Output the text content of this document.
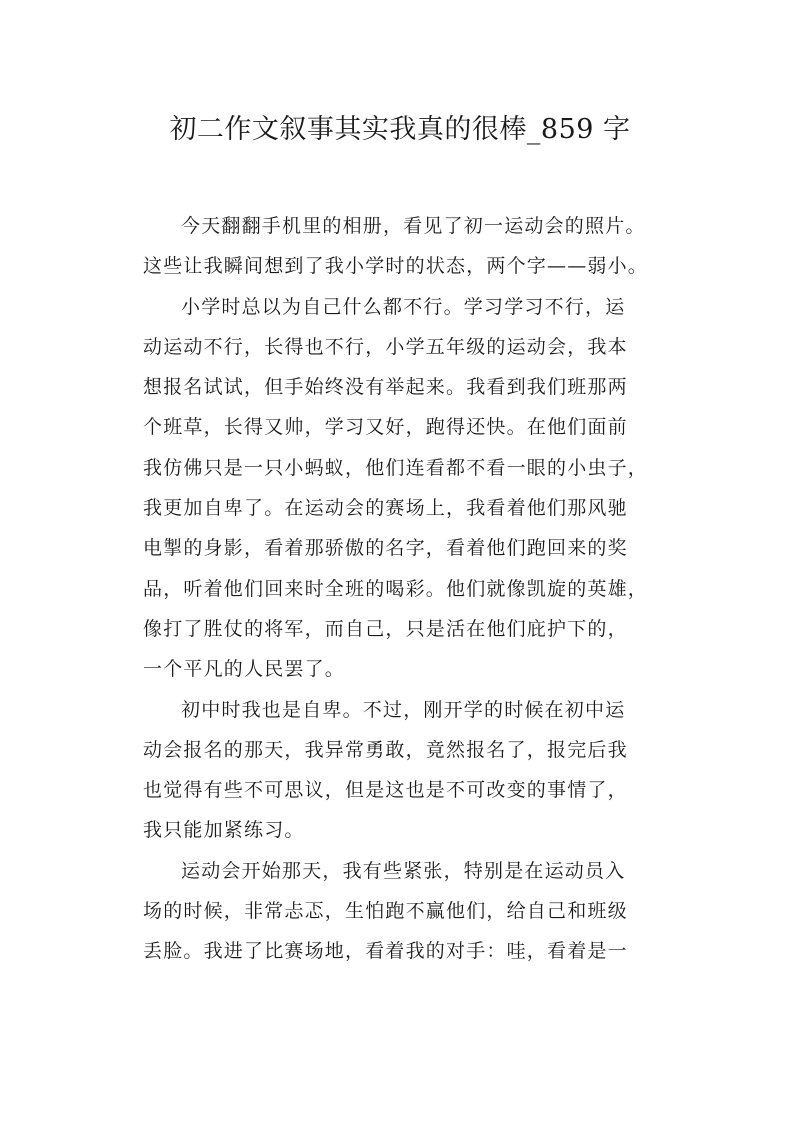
初二作文叙事其实我真的很棒_859 字
今天翻翻手机里的相册，看见了初一运动会的照片。
这些让我瞬间想到了我小学时的状态，两个字——弱小。
小学时总以为自己什么都不行。学习学习不行，运
动运动不行，长得也不行，小学五年级的运动会，我本
想报名试试，但手始终没有举起来。我看到我们班那两
个班草，长得又帅，学习又好，跑得还快。在他们面前
我仿佛只是一只小蚂蚁，他们连看都不看一眼的小虫子，
我更加自卑了。在运动会的赛场上，我看着他们那风驰
电掣的身影，看着那骄傲的名字，看着他们跑回来的奖
品，听着他们回来时全班的喝彩。他们就像凯旋的英雄，
像打了胜仗的将军，而自己，只是活在他们庇护下的，
一个平凡的人民罢了。
初中时我也是自卑。不过，刚开学的时候在初中运
动会报名的那天，我异常勇敢，竟然报名了，报完后我
也觉得有些不可思议，但是这也是不可改变的事情了，
我只能加紧练习。
运动会开始那天，我有些紧张，特别是在运动员入
场的时候，非常忐忑，生怕跑不赢他们，给自己和班级
丢脸。我进了比赛场地，看着我的对手：哇，看着是一
